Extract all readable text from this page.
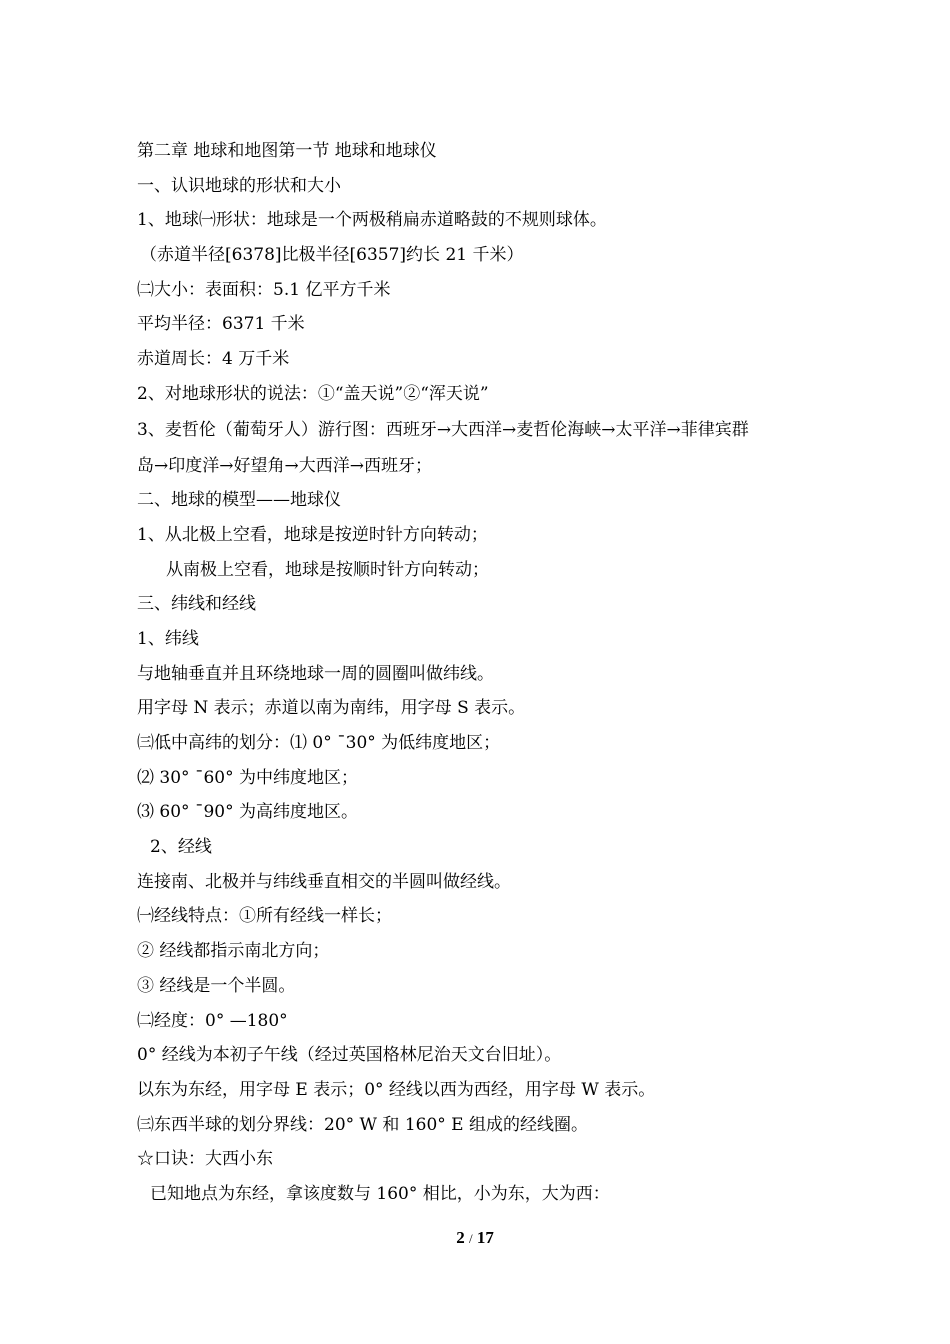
第二章 地球和地图第一节 地球和地球仪
一、认识地球的形状和大小
1、地球㈠形状：地球是一个两极稍扁赤道略鼓的不规则球体。
（赤道半径[6378]比极半径[6357]约长 21 千米）
㈡大小：表面积：5.1 亿平方千米
平均半径：6371 千米
赤道周长：4 万千米
2、对地球形状的说法：①“盖天说”②“浑天说”
3、麦哲伦（葡萄牙人）游行图：西班牙→大西洋→麦哲伦海峡→太平洋→菲律宾群
岛→印度洋→好望角→大西洋→西班牙；
二、地球的模型——地球仪
1、从北极上空看，地球是按逆时针方向转动；
从南极上空看，地球是按顺时针方向转动；
三、纬线和经线
1、纬线
与地轴垂直并且环绕地球一周的圆圈叫做纬线。
用字母 N 表示；赤道以南为南纬，用字母 S 表示。
㈢低中高纬的划分：⑴ 0° ¯30° 为低纬度地区；
⑵ 30° ¯60° 为中纬度地区；
⑶ 60° ¯90° 为高纬度地区。
2、经线
连接南、北极并与纬线垂直相交的半圆叫做经线。
㈠经线特点：①所有经线一样长；
② 经线都指示南北方向；
③ 经线是一个半圆。
㈡经度：0° —180°
0° 经线为本初子午线（经过英国格林尼治天文台旧址）。
以东为东经，用字母 E 表示；0° 经线以西为西经，用字母 W 表示。
㈢东西半球的划分界线：20° W 和 160° E 组成的经线圈。
☆口诀：大西小东
已知地点为东经，拿该度数与 160° 相比，小为东，大为西：
2 / 17
